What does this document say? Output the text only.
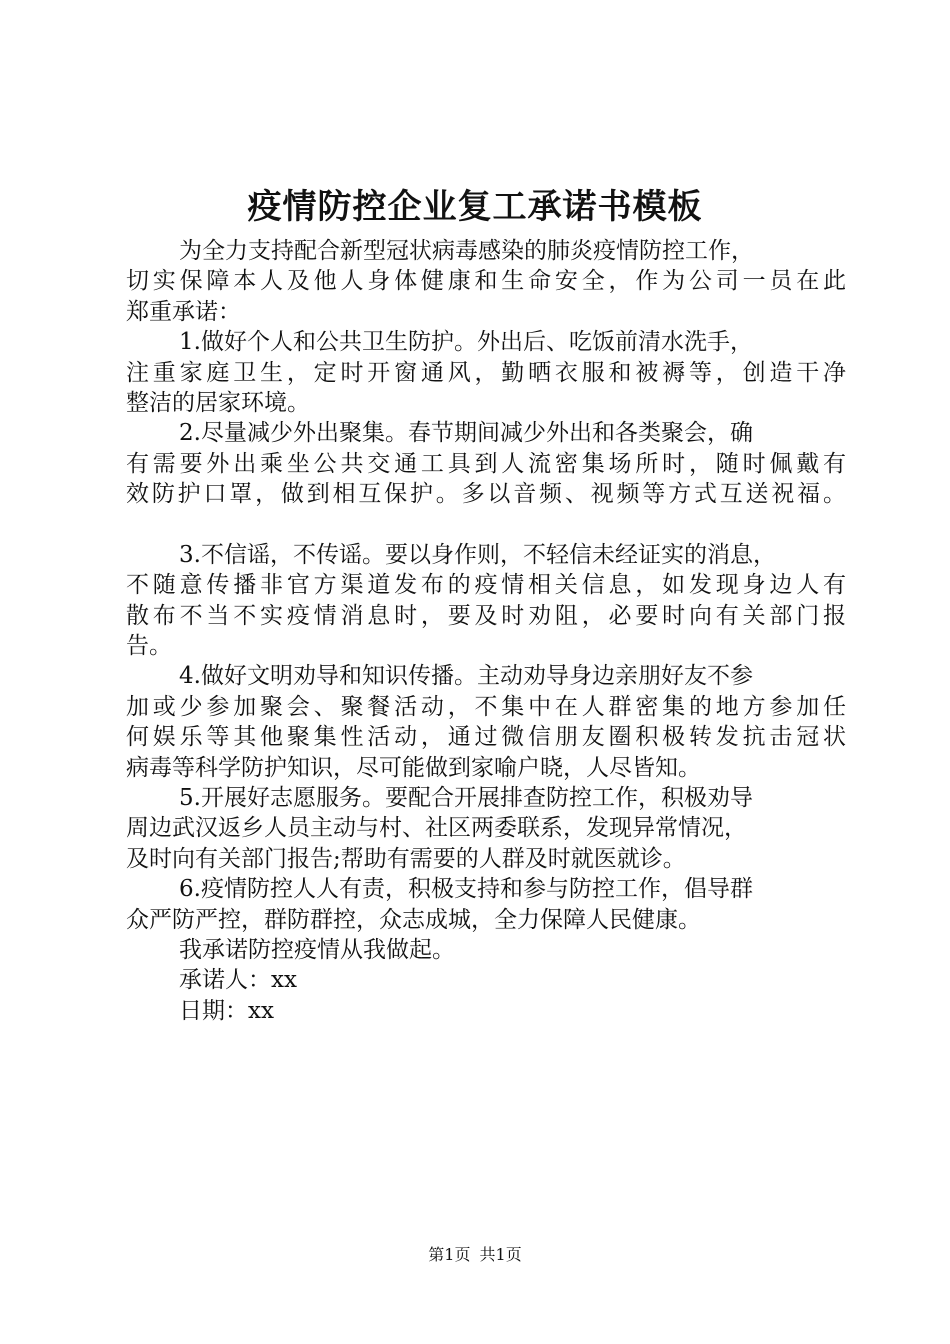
疫情防控企业复工承诺书模板
为全力支持配合新型冠状病毒感染的肺炎疫情防控工作，
切实保障本人及他人身体健康和生命安全，作为公司一员在此
郑重承诺：
1.做好个人和公共卫生防护。外出后、吃饭前清水洗手，
注重家庭卫生，定时开窗通风，勤晒衣服和被褥等，创造干净
整洁的居家环境。
2.尽量减少外出聚集。春节期间减少外出和各类聚会，确
有需要外出乘坐公共交通工具到人流密集场所时，随时佩戴有
效防护口罩，做到相互保护。多以音频、视频等方式互送祝福。
3.不信谣，不传谣。要以身作则，不轻信未经证实的消息，
不随意传播非官方渠道发布的疫情相关信息，如发现身边人有
散布不当不实疫情消息时，要及时劝阻，必要时向有关部门报
告。
4.做好文明劝导和知识传播。主动劝导身边亲朋好友不参
加或少参加聚会、聚餐活动，不集中在人群密集的地方参加任
何娱乐等其他聚集性活动，通过微信朋友圈积极转发抗击冠状
病毒等科学防护知识，尽可能做到家喻户晓，人尽皆知。
5.开展好志愿服务。要配合开展排查防控工作，积极劝导
周边武汉返乡人员主动与村、社区两委联系，发现异常情况，
及时向有关部门报告;帮助有需要的人群及时就医就诊。
6.疫情防控人人有责，积极支持和参与防控工作，倡导群
众严防严控，群防群控，众志成城，全力保障人民健康。
我承诺防控疫情从我做起。
承诺人：xx
日期：xx
第1页 共1页
